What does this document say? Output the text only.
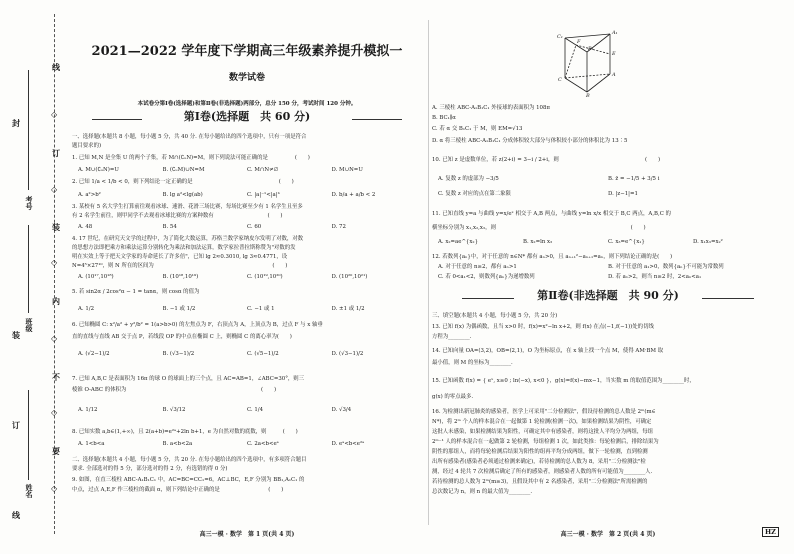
线
◇
订
◇
装
◇
内
◇
不
◇
要
◇
考号
班级
姓名
封
装
订
线
2021—2022 学年度下学期高三年级素养提升模拟一
数学试卷
本试卷分第Ⅰ卷(选择题)和第Ⅱ卷(非选择题)两部分，总分 150 分，考试时间 120 分钟。
第Ⅰ卷(选择题　共 60 分)
一、选择题(本题共 8 小题，每小题 5 分，共 40 分. 在每小题给出的四个选项中，只有一项是符合
题目要求的)
1. 已知 M,N 是全集 U 的两个子集，若 M∩(∁ᵤN)=M，则下列说法可能正确的是　　　　　(　　)
A. M∪(∁ᵤN)=U	B. (∁ᵤM)∪N=M	C. M∩N≠∅	D. M∪N=U
2. 已知 1/a < 1/b < 0，则下列结论一定正确的是　　　　　　　　　　　　　　　　(　　)
A. a²>b²	B. lg a²<lg(ab)	C. |a|⁻¹<|a|ᵇ	D. b/a + a/b < 2
3. 某校有 5 名大学生打算前往观看冰球、速滑、花滑三场比赛，每场比赛至少有 1 名学生且至多
有 2 名学生前往，则甲同学不去观看冰球比赛的方案种数有　　　　　　　　　　(　　)
A. 48	B. 54	C. 60	D. 72
4. 17 世纪，在研究天文学的过程中，为了简化大数运算，苏格兰数学家纳皮尔发明了对数，对数
的思想方法即把乘方和乘法运算分别转化为乘法和加法运算，数学家拉普拉斯称赞为"对数的发
明在实效上等于把天文学家的寿命延长了许多倍"，已知 lg 2≈0.3010, lg 3≈0.4771，设
N=4⁵×27¹⁰，则 N 所在的区间为　　　　　　　　　　　　　　　　　　　　　　(　　)
A. (10¹⁷,10¹⁸)	B. (10¹⁸,10¹⁹)	C. (10¹⁹,10²⁰)	D. (10²⁰,10²¹)
5. 若 sin2α / 2cos²α − 1 = tanα，则 cosα 的值为
A. 1/2	B. −1 或 1/2	C. −1 或 1	D. ±1 或 1/2
6. 已知椭圆 C: x²/a² + y²/b² = 1(a>b>0) 的左焦点为 F，右顶点为 A，上顶点为 B，过点 F 与 x 轴垂
直的直线与直线 AB 交于点 P，若线段 OP 的中点在椭圆 C 上，则椭圆 C 的离心率为(　　)
A. (√2−1)/2	B. (√3−1)/2	C. (√5−1)/2	D. (√3−1)/2
7. 已知 A,B,C 是表面积为 16π 的球 O 的球面上的三个点，且 AC=AB=1，∠ABC=30°，则三
棱锥 O-ABC 的体积为　　　　　　　　　　　　　　　　　　　　　　　　　(　　)
A. 1/12	B. √3/12	C. 1/4	D. √3/4
8. 已知实数 a,b∈(1,+∞)，且 2(a+b)=e²ᵃ+2ln b+1，e 为自然对数的底数，则　　　(　　)
A. 1<b<a	B. a<b<2a	C. 2a<b<eᵃ	D. eᵃ<b<e²ᵃ
二、选择题(本题共 4 小题，每小题 5 分，共 20 分. 在每小题给出的四个选项中，有多项符合题目
要求. 全部选对的得 5 分，部分选对的得 2 分，有选错的得 0 分)
9. 如图，在直三棱柱 ABC-A₁B₁C₁ 中，AC=BC=CC₁=6，AC⊥BC，E,F 分别为 BB₁,A₁C₁ 的
中点，过点 A,E,F 作三棱柱的截面 α，则下列结论中正确的是　　　　　　　　　(　　)
高三一模 · 数学　第 1 页(共 4 页)
C₁
A₁
B₁
F
E
C
A
B
A. 三棱柱 ABC-A₁B₁C₁ 外接球的表面积为 108π
B. BC₁∥α
C. 若 α 交 B₁C₁ 于 M，则 EM=√13
D. α 将三棱柱 ABC-A₁B₁C₁ 分成体积较大部分与体积较小部分的体积比为 13∶5
10. 已知 z 是虚数单位，若 z(2+i) = 3−i / 2+i，则　　　　　　　　　　　　　　　　(　　)
A. 复数 z 的虚部为 −3/5	B. z̄ = −1/5 + 3/5 i
C. 复数 z 对应的点在第二象限	D. |z−1|=1
11. 已知直线 y=a 与曲线 y=x/eˣ 相交于 A,B 两点，与曲线 y=ln x/x 相交于 B,C 两点，A,B,C 的
横坐标分别为 x₁,x₂,x₃，则　　　　　　　　　　　　　　　　　　　　　　　　　(　　)
A. x₂=ae^{x₂}	B. x₂=ln x₃	C. x₃=e^{x₁}	D. x₁x₃=x₂²
12. 若数列{aₙ}中，对于任意的 n∈N* 都有 aₙ>0，且 aₙ₊₁²−aₙ₊₁=aₙ，则下列结论正确的是(　　)
A. 对于任意的 n≥2，都有 aₙ>1	B. 对于任意的 a₁>0，数列{aₙ}不可能为常数列
C. 若 0<a₁<2，则数列{aₙ}为递增数列	D. 若 a₁>2，则当 n≥2 时，2<aₙ<a₁
第Ⅱ卷(非选择题　共 90 分)
三、填空题(本题共 4 小题，每小题 5 分，共 20 分)
13. 已知 f(x) 为偶函数，且当 x>0 时，f(x)=x²−ln x+2，则 f(x) 在点(−1,f(−1))处的切线
方程为________.
14. 已知向量 OA=(3,2)，OB=(2,1)，O 为坐标原点，在 x 轴上找一个点 M，使得 AM·BM 取
最小值，则 M 的坐标为________.
15. 已知函数 f(x) = { eˣ, x≥0 ; ln(−x), x<0 }，g(x)=f(x)−mx−1，当实数 m 的取值范围为________时，
g(x) 的零点最多.
16. 为检测出新冠肺炎的感染者，医学上可采用"二分检测法"，假设待检测的总人数是 2ᵐ(m∈
N*)，将 2ᵐ 个人的样本混合在一起做第 1 轮检测(检测一次)，如果检测结果为阴性，可确定
这批人未感染，如果检测结果为阳性，可确定其中有感染者，则将这批人平均分为两组，每组
2ᵐ⁻¹ 人的样本混合在一起做第 2 轮检测，每组检测 1 次，如此类推：每轮检测后，排除结果为
阴性的那组人，而将每轮检测后结果为阳性的组再平均分成两组，做下一轮检测，直到检测
出所有感染者(感染者必须通过检测来确定)，若待检测的总人数为 8，采用"二分检测法"检
测，经过 4 轮共 7 次检测后确定了所有的感染者，则感染者人数的所有可能值为________人.
若待检测的总人数为 2ᵐ(m≥3)，且假设其中有 2 名感染者，采用"二分检测法"所需检测的
总次数记为 n，则 n 的最大值为________.
高三一模 · 数学　第 2 页(共 4 页)	HZ
